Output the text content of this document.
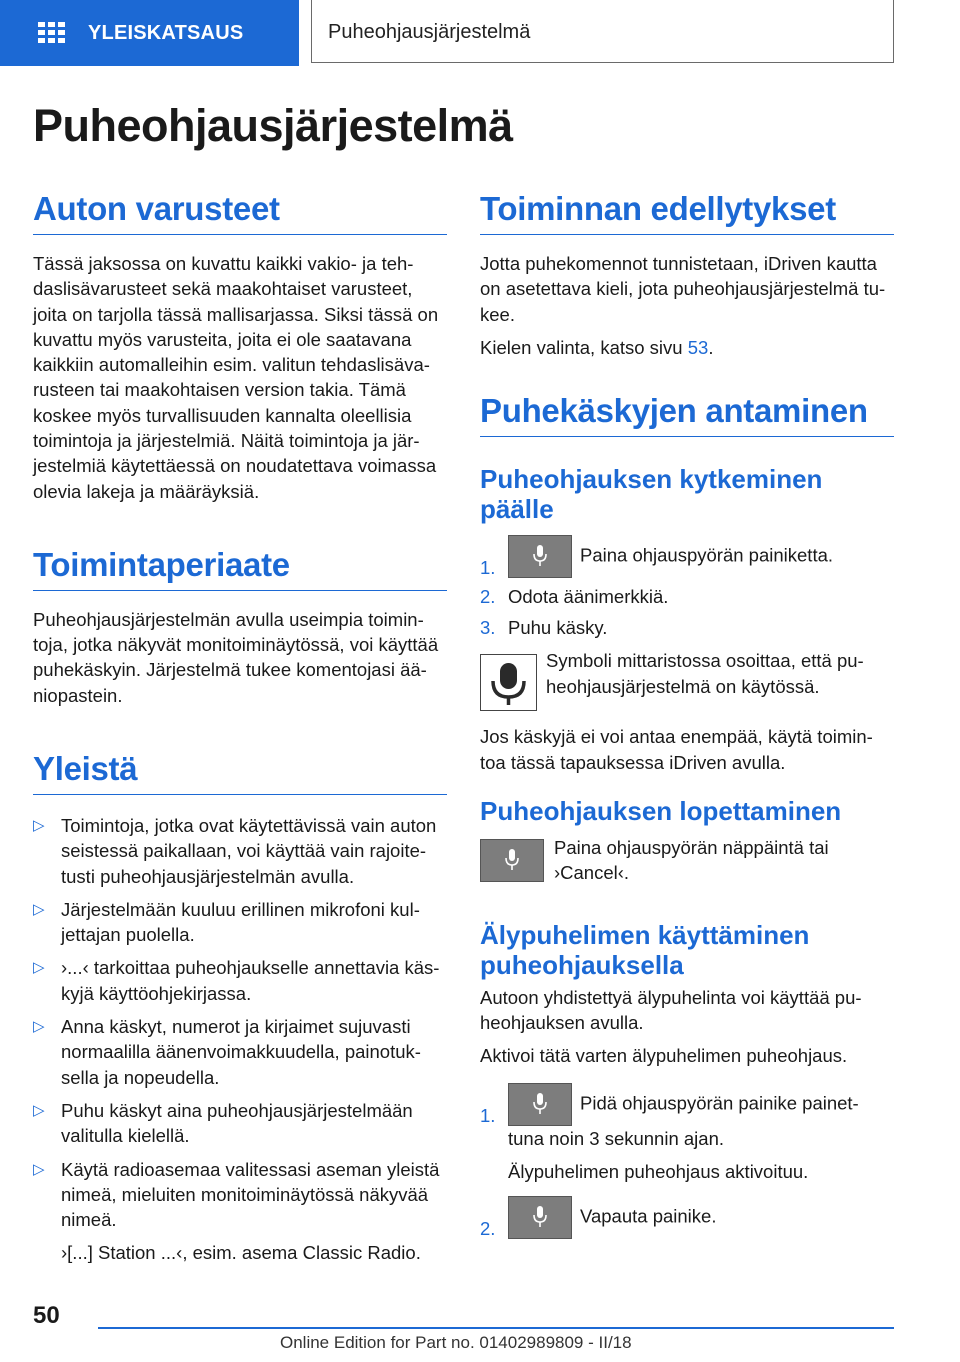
YLEISKATSAUS	Puheohjausjärjestelmä
Puheohjausjärjestelmä
Auton varusteet

Tässä jaksossa on kuvattu kaikki vakio- ja teh-daslisävarusteet sekä maakohtaiset varusteet, joita on tarjolla tässä mallisarjassa. Siksi tässä on kuvattu myös varusteita, joita ei ole saatavana kaikkiin automalleihin esim. valitun tehdaslisäva-rusteen tai maakohtaisen version takia. Tämä koskee myös turvallisuuden kannalta oleellisia toimintoja ja järjestelmiä. Näitä toimintoja ja jär-jestelmiä käytettäessä on noudatettava voimassa olevia lakeja ja määräyksiä.

Toimintaperiaate

Puheohjausjärjestelmän avulla useimpia toimin-toja, jotka näkyvät monitoiminäytössä, voi käyttää puhekäskyin. Järjestelmä tukee komentojasi ää-niopastein.

Yleistä
▷ Toimintoja, jotka ovat käytettävissä vain auton seistessä paikallaan, voi käyttää vain rajoite-tusti puheohjausjärjestelmän avulla.
▷ Järjestelmään kuuluu erillinen mikrofoni kul-jettajan puolella.
▷ ›...‹ tarkoittaa puheohjaukselle annettavia käs-kyjä käyttöohjekirjassa.
▷ Anna käskyt, numerot ja kirjaimet sujuvasti normaalilla äänenvoimakkuudella, painotuk-sella ja nopeudella.
▷ Puhu käskyt aina puheohjausjärjestelmään valitulla kielellä.
▷ Käytä radioasemaa valitessasi aseman yleistä nimeä, mieluiten monitoiminäytössä näkyvää nimeä.

›[...] Station ...‹, esim. asema Classic Radio.

Toiminnan edellytykset

Jotta puhekomennot tunnistetaan, iDriven kautta on asetettava kieli, jota puheohjausjärjestelmä tu-kee.

Kielen valinta, katso sivu 53.

Puhekäskyjen antaminen
Puheohjauksen kytkeminen päälle
1.
Paina ohjauspyörän painiketta.
2. Odota äänimerkkiä.
3. Puhu käsky.

Symboli mittaristossa osoittaa, että pu-heohjausjärjestelmä on käytössä.

Jos käskyjä ei voi antaa enempää, käytä toimin-toa tässä tapauksessa iDriven avulla.

Puheohjauksen lopettaminen

Paina ohjauspyörän näppäintä tai ›Cancel‹.

Älypuhelimen käyttäminen puheohjauksella

Autoon yhdistettyä älypuhelinta voi käyttää pu-heohjauksen avulla.

Aktivoi tätä varten älypuhelimen puheohjaus.

1.
Pidä ohjauspyörän painike painet-tuna noin 3 sekunnin ajan.

Älypuhelimen puheohjaus aktivoituu.

2.
Vapauta painike.
50
Online Edition for Part no. 01402989809 - II/18
